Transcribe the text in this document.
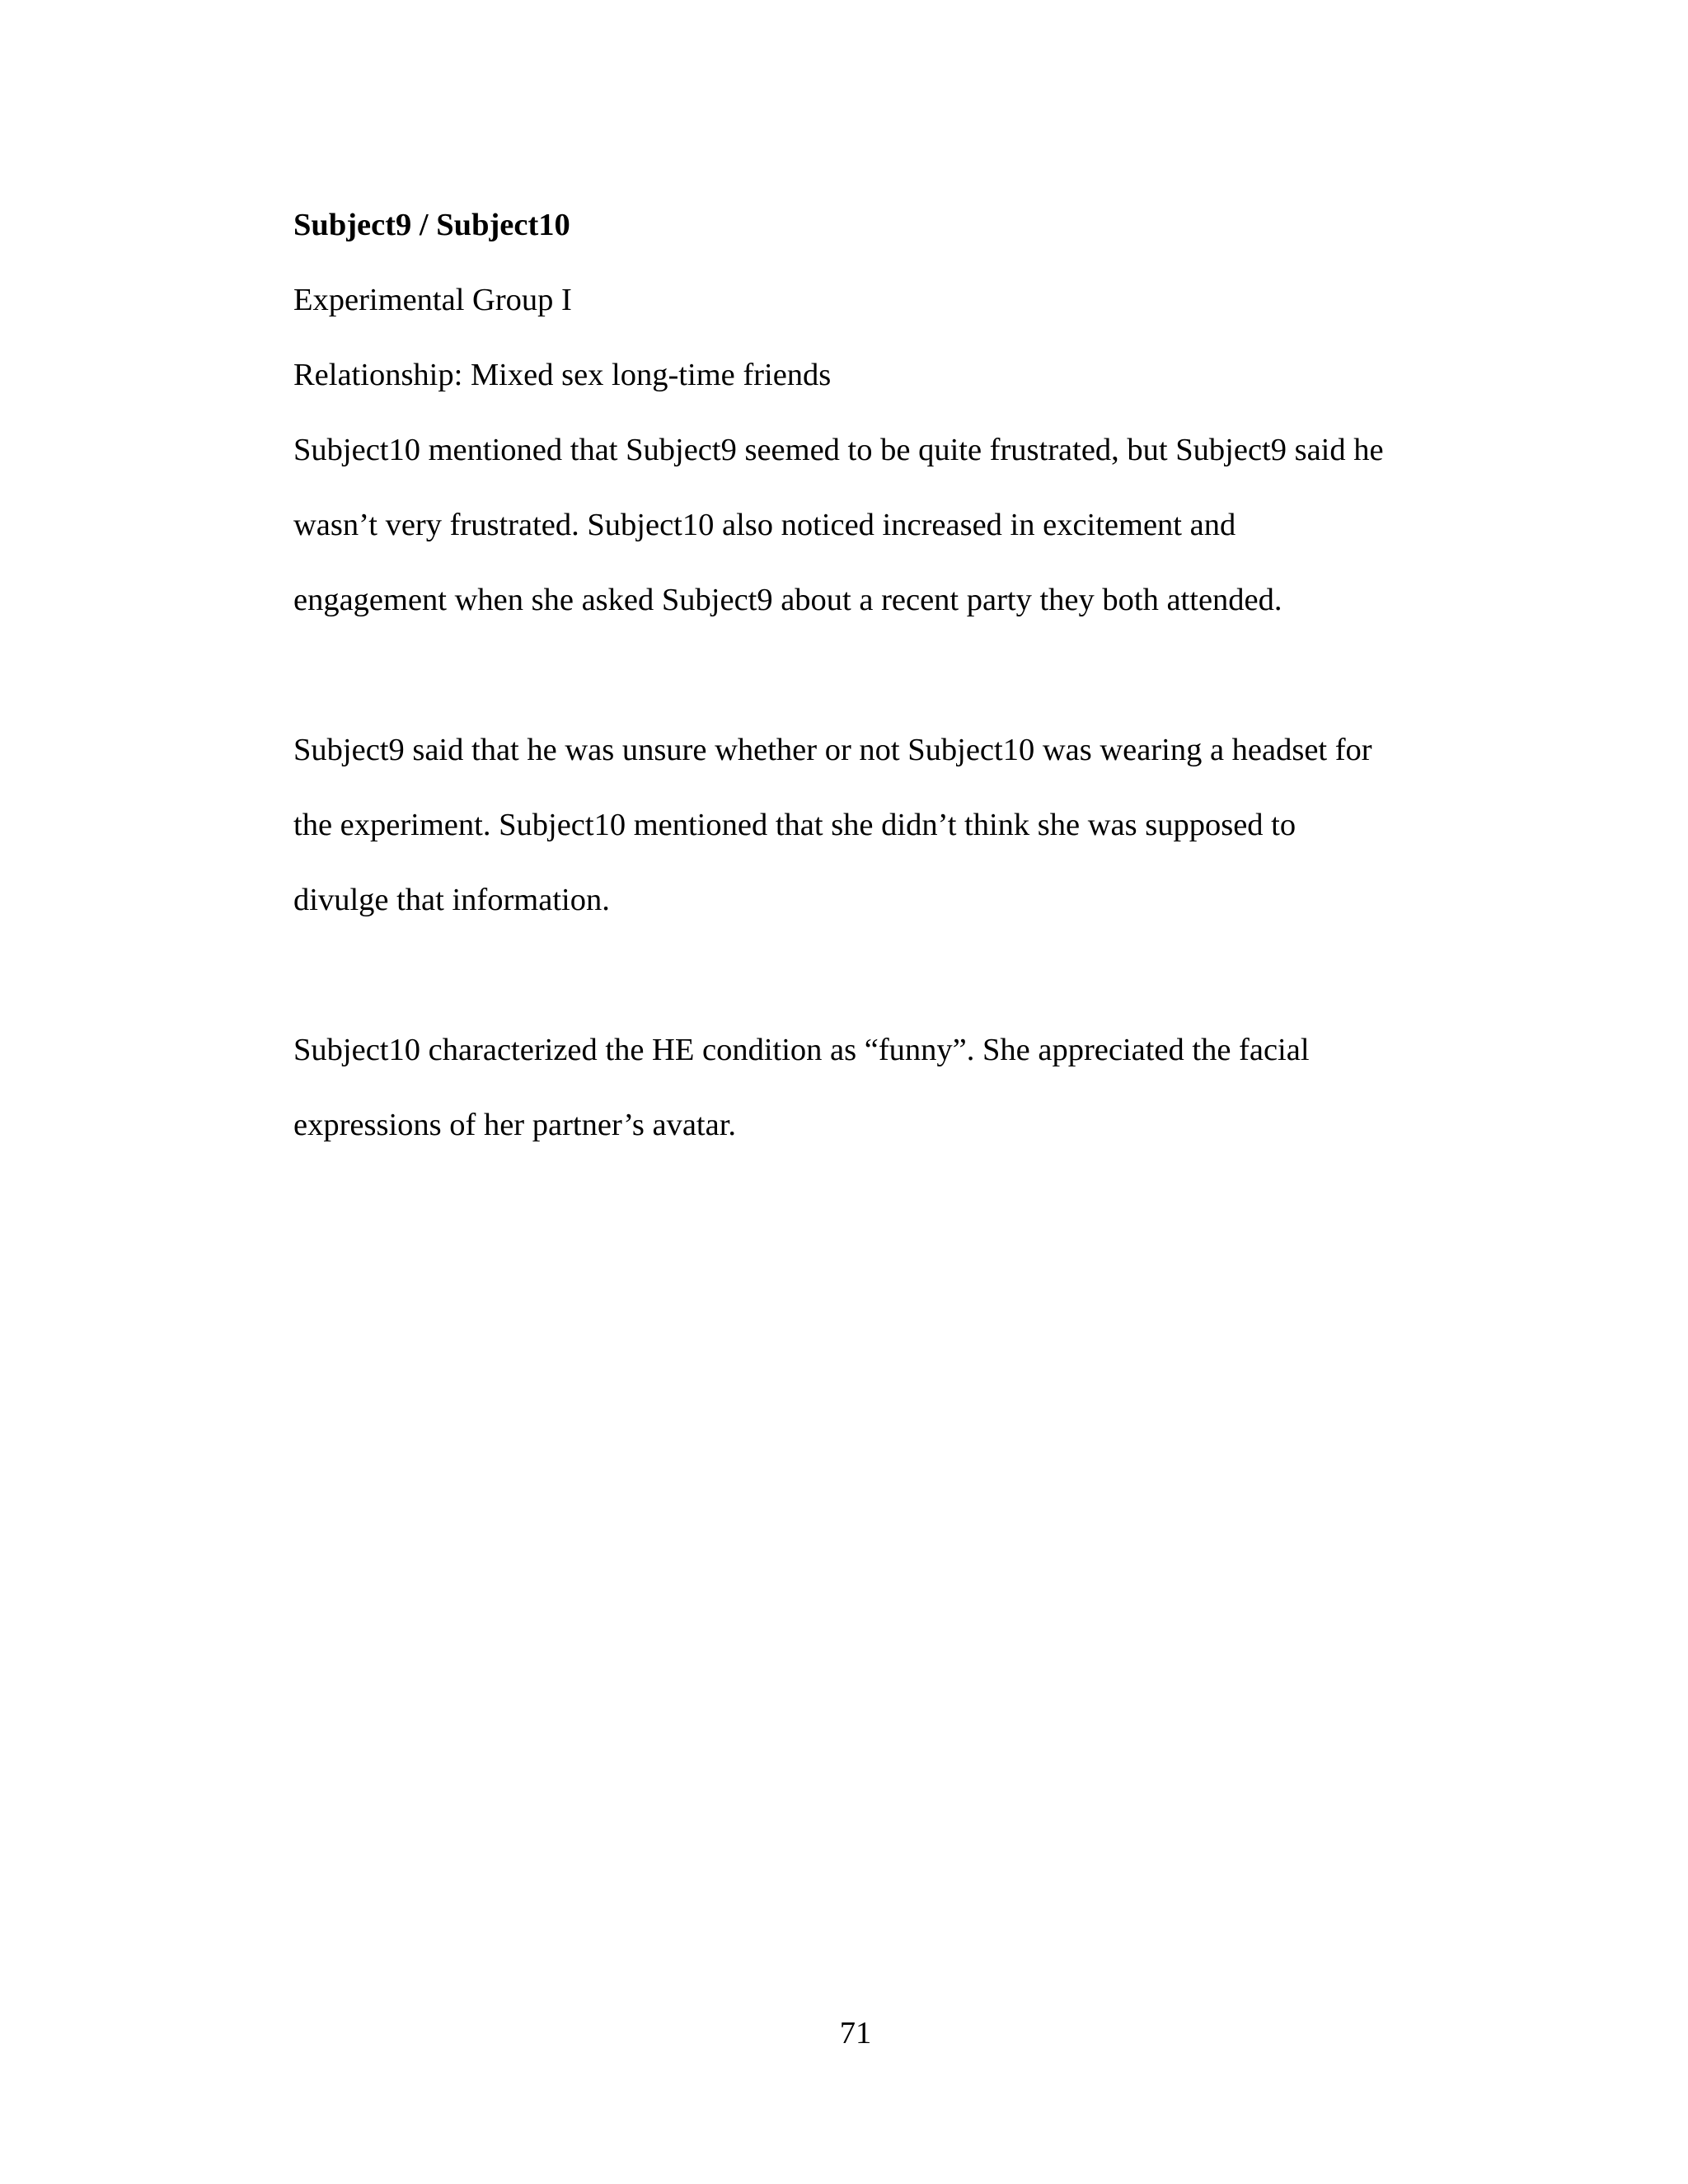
Subject9 / Subject10
Experimental Group I
Relationship: Mixed sex long-time friends
Subject10 mentioned that Subject9 seemed to be quite frustrated, but Subject9 said he
wasn’t very frustrated. Subject10 also noticed increased in excitement and
engagement when she asked Subject9 about a recent party they both attended.
Subject9 said that he was unsure whether or not Subject10 was wearing a headset for
the experiment. Subject10 mentioned that she didn’t think she was supposed to
divulge that information.
Subject10 characterized the HE condition as “funny”. She appreciated the facial
expressions of her partner’s avatar.
71
